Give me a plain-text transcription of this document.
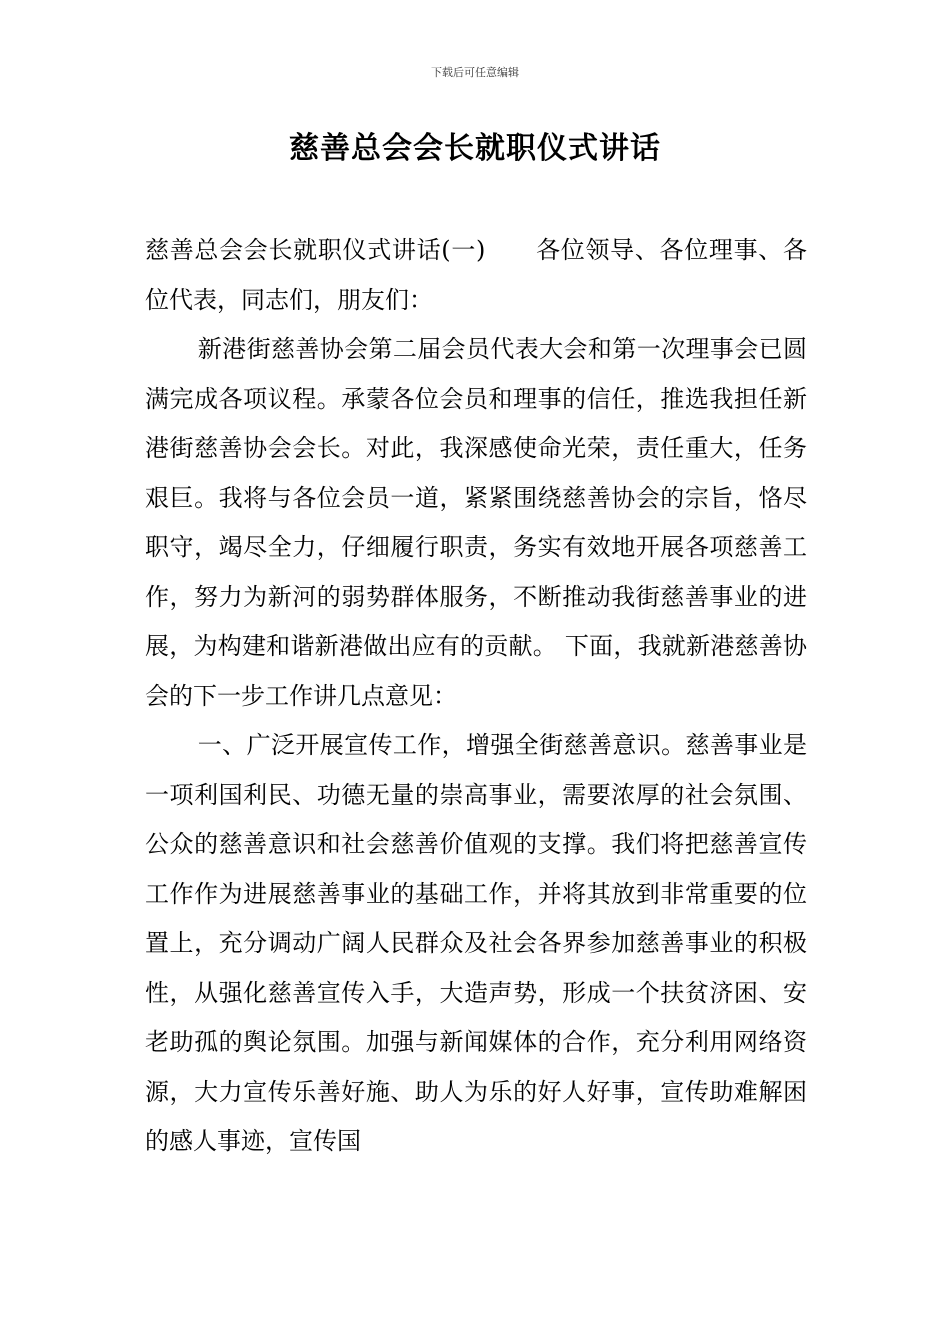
下载后可任意编辑
慈善总会会长就职仪式讲话

慈善总会会长就职仪式讲话(一) 各位领导、各位理事、各位代表，同志们，朋友们：

新港街慈善协会第二届会员代表大会和第一次理事会已圆满完成各项议程。承蒙各位会员和理事的信任，推选我担任新港街慈善协会会长。对此，我深感使命光荣，责任重大，任务艰巨。我将与各位会员一道，紧紧围绕慈善协会的宗旨，恪尽职守，竭尽全力，仔细履行职责，务实有效地开展各项慈善工作，努力为新河的弱势群体服务，不断推动我街慈善事业的进展，为构建和谐新港做出应有的贡献。 下面，我就新港慈善协会的下一步工作讲几点意见：

一、广泛开展宣传工作，增强全街慈善意识。慈善事业是一项利国利民、功德无量的崇高事业，需要浓厚的社会氛围、公众的慈善意识和社会慈善价值观的支撑。我们将把慈善宣传工作作为进展慈善事业的基础工作，并将其放到非常重要的位置上，充分调动广阔人民群众及社会各界参加慈善事业的积极性，从强化慈善宣传入手，大造声势，形成一个扶贫济困、安老助孤的舆论氛围。加强与新闻媒体的合作，充分利用网络资源，大力宣传乐善好施、助人为乐的好人好事，宣传助难解困的感人事迹，宣传国
